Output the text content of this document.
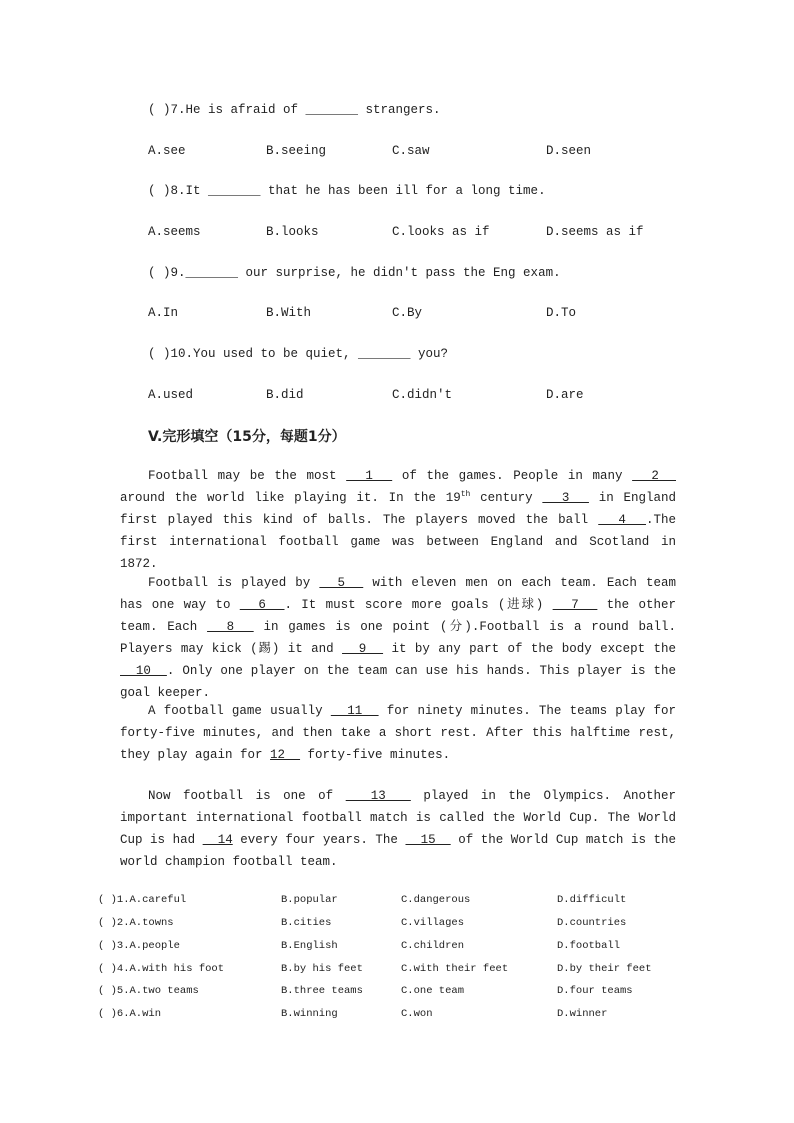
( )7.He is afraid of _______ strangers.
A.see	B.seeing	C.saw	D.seen
( )8.It _______ that he has been ill for a long time.
A.seems	B.looks	C.looks as if	D.seems as if
( )9._______ our surprise, he didn't pass the Eng exam.
A.In	B.With	C.By	D.To
( )10.You used to be quiet, _______ you?
A.used	B.did	C.didn't	D.are
V.完形填空（15分，每题1分）
Football may be the most   1   of the games. People in many   2   around the world like playing it. In the 19th century   3   in England first played this kind of balls. The players moved the ball   4  .The first international football game was between England and Scotland in 1872.
Football is played by   5   with eleven men on each team. Each team has one way to   6  . It must score more goals (进球)   7   the other team. Each   8   in games is one point (分).Football is a round ball. Players may kick (踢) it and   9   it by any part of the body except the   10  . Only one player on the team can use his hands. This player is the goal keeper.
A football game usually   11   for ninety minutes. The teams play for forty-five minutes, and then take a short rest. After this halftime rest, they play again for 12   forty-five minutes.
Now football is one of   13   played in the Olympics. Another important international football match is called the World Cup. The World Cup is had   14 every four years. The   15   of the World Cup match is the world champion football team.
( )1.A.careful	B.popular	C.dangerous	D.difficult
( )2.A.towns	B.cities	C.villages	D.countries
( )3.A.people	B.English	C.children	D.football
( )4.A.with his foot	B.by his feet	C.with their feet	D.by their feet
( )5.A.two teams	B.three teams	C.one team	D.four teams
( )6.A.win	B.winning	C.won	D.winner
